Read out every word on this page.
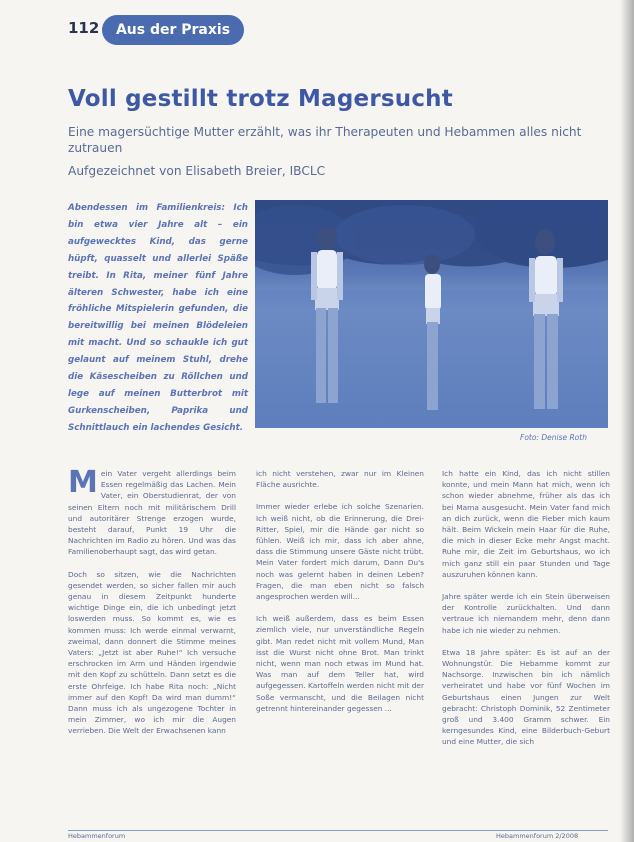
112	Aus der Praxis
Voll gestillt trotz Magersucht
Eine magersüchtige Mutter erzählt, was ihr Therapeuten und Hebammen alles nicht zutrauen
Aufgezeichnet von Elisabeth Breier, IBCLC
Abendessen im Familienkreis: Ich bin etwa vier Jahre alt – ein aufgewecktes Kind, das gerne hüpft, quasselt und allerlei Späße treibt. In Rita, meiner fünf Jahre älteren Schwester, habe ich eine fröhliche Mitspielerin gefunden, die bereitwillig bei meinen Blödeleien mit macht. Und so schaukle ich gut gelaunt auf meinem Stuhl, drehe die Käsescheiben zu Röllchen und lege auf meinen Butterbrot mit Gurkenscheiben, Paprika und Schnittlauch ein lachendes Gesicht.
Foto: Denise Roth

Mein Vater vergeht allerdings beim Essen regelmäßig das Lachen. Mein Vater, ein Oberstudienrat, der von seinen Eltern noch mit militärischem Drill und autoritärer Strenge erzogen wurde, besteht darauf, Punkt 19 Uhr die Nachrichten im Radio zu hören. Und was das Familienoberhaupt sagt, das wird getan.

Doch so sitzen, wie die Nachrichten gesendet werden, so sicher fallen mir auch genau in diesem Zeitpunkt hunderte wichtige Dinge ein, die ich unbedingt jetzt loswerden muss. So kommt es, wie es kommen muss: Ich werde einmal verwarnt, zweimal, dann donnert die Stimme meines Vaters: „Jetzt ist aber Ruhe!“ Ich versuche erschrocken im Arm und Händen irgendwie mit den Kopf zu schütteln. Dann setzt es die erste Ohrfeige. Ich habe Rita noch: „Nicht immer auf den Kopf! Da wird man dumm!“ Dann muss ich als ungezogene Tochter in mein Zimmer, wo ich mir die Augen verrieben. Die Welt der Erwachsenen kann

ich nicht verstehen, zwar nur im Kleinen Fläche ausrichte.

Immer wieder erlebe ich solche Szenarien. Ich weiß nicht, ob die Erinnerung, die Drei-Ritter, Spiel, mir die Hände gar nicht so fühlen. Weiß ich mir, dass ich aber ahne, dass die Stimmung unsere Gäste nicht trübt. Mein Vater fordert mich darum, Dann Du's noch was gelernt haben in deinen Leben? Fragen, die man eben nicht so falsch angesprochen werden will...

Ich weiß außerdem, dass es beim Essen ziemlich viele, nur unverständliche Regeln gibt. Man redet nicht mit vollem Mund, Man isst die Wurst nicht ohne Brot. Man trinkt nicht, wenn man noch etwas im Mund hat. Was man auf dem Teller hat, wird aufgegessen. Kartoffeln werden nicht mit der Soße vermanscht, und die Beilagen nicht getrennt hintereinander gegessen ...

Ich hatte ein Kind, das ich nicht stillen konnte, und mein Mann hat mich, wenn ich schon wieder abnehme, früher als das ich bei Mama ausgesucht. Mein Vater fand mich an dich zurück, wenn die Fieber mich kaum hält. Beim Wickeln mein Haar für die Ruhe, die mich in dieser Ecke mehr Angst macht. Ruhe mir, die Zeit im Geburtshaus, wo ich mich ganz still ein paar Stunden und Tage auszuruhen können kann.

Jahre später werde ich ein Stein überweisen der Kontrolle zurückhalten. Und dann vertraue ich niemandem mehr, denn dann habe ich nie wieder zu nehmen.

Etwa 18 Jahre später: Es ist auf an der Wohnungstür. Die Hebamme kommt zur Nachsorge. Inzwischen bin ich nämlich verheiratet und habe vor fünf Wochen im Geburtshaus einen Jungen zur Welt gebracht: Christoph Dominik, 52 Zentimeter groß und 3.400 Gramm schwer. Ein kerngesundes Kind, eine Bilderbuch-Geburt und eine Mutter, die sich

Hebammenforum	Hebammenforum 2/2008
